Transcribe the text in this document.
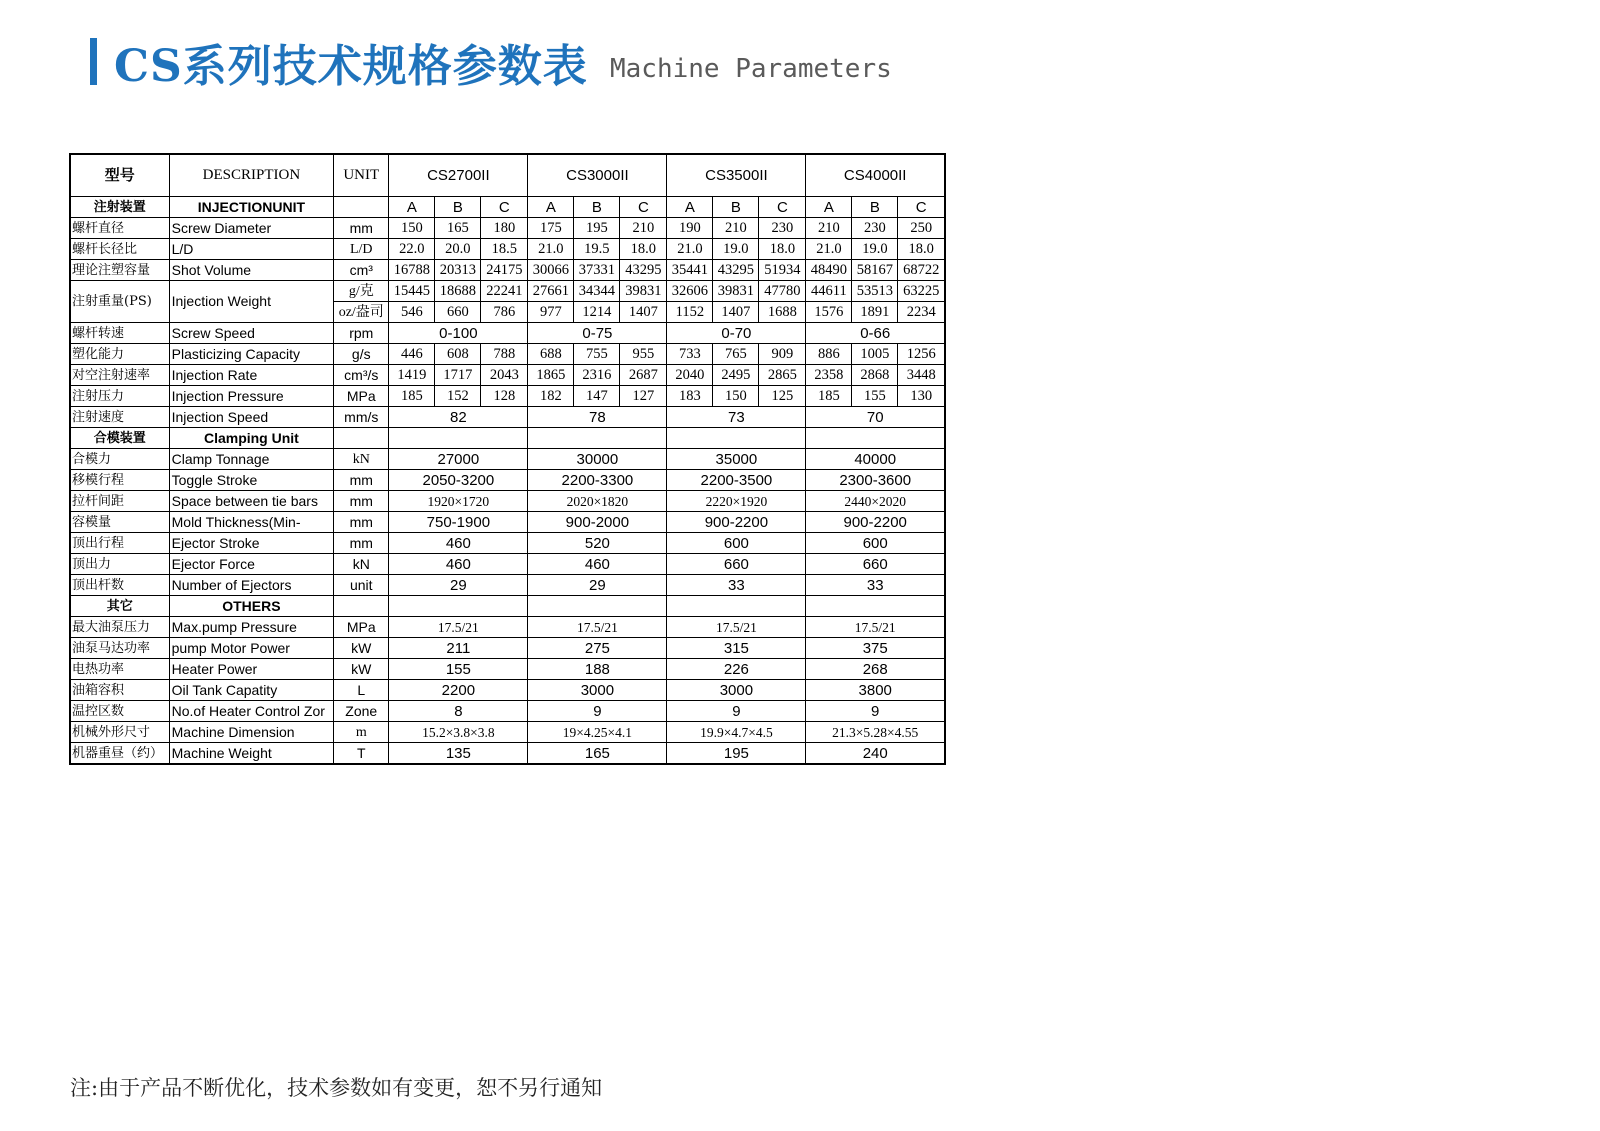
CS系列技术规格参数表 Machine Parameters
型号	DESCRIPTION	UNIT	CS2700II			CS3000II			CS3500II			CS4000II		
注射装置	INJECTIONUNIT		A	B	C	A	B	C	A	B	C	A	B	C
螺杆直径	Screw Diameter	mm	150	165	180	175	195	210	190	210	230	210	230	250
螺杆长径比	L/D	L/D	22.0	20.0	18.5	21.0	19.5	18.0	21.0	19.0	18.0	21.0	19.0	18.0
理论注塑容量	Shot Volume	cm³	16788	20313	24175	30066	37331	43295	35441	43295	51934	48490	58167	68722
注射重量(PS)	Injection Weight	g/克	15445	18688	22241	27661	34344	39831	32606	39831	47780	44611	53513	63225
		oz/盎司	546	660	786	977	1214	1407	1152	1407	1688	1576	1891	2234
螺杆转速	Screw Speed	rpm	0-100			0-75			0-70			0-66		
塑化能力	Plasticizing Capacity	g/s	446	608	788	688	755	955	733	765	909	886	1005	1256
对空注射速率	Injection Rate	cm³/s	1419	1717	2043	1865	2316	2687	2040	2495	2865	2358	2868	3448
注射压力	Injection Pressure	MPa	185	152	128	182	147	127	183	150	125	185	155	130
注射速度	Injection Speed	mm/s	82			78			73			70		
合模装置	Clamping Unit													
合模力	Clamp Tonnage	kN	27000			30000			35000			40000		
移模行程	Toggle Stroke	mm	2050-3200			2200-3300			2200-3500			2300-3600		
拉杆间距	Space between tie bars	mm	1920×1720			2020×1820			2220×1920			2440×2020		
容模量	Mold Thickness(Min-	mm	750-1900			900-2000			900-2200			900-2200		
顶出行程	Ejector Stroke	mm	460			520			600			600		
顶出力	Ejector Force	kN	460			460			660			660		
顶出杆数	Number of Ejectors	unit	29			29			33			33		
其它	OTHERS													
最大油泵压力	Max.pump Pressure	MPa	17.5/21			17.5/21			17.5/21			17.5/21		
油泵马达功率	pump Motor Power	kW	211			275			315			375		
电热功率	Heater Power	kW	155			188			226			268		
油箱容积	Oil Tank Capatity	L	2200			3000			3000			3800		
温控区数	No.of Heater Control Zor	Zone	8			9			9			9		
机械外形尺寸	Machine Dimension	m	15.2×3.8×3.8			19×4.25×4.1			19.9×4.7×4.5			21.3×5.28×4.55		
机器重昼（约）	Machine Weight	T	135			165			195			240		
注:由于产品不断优化，技术参数如有变更，恕不另行通知
